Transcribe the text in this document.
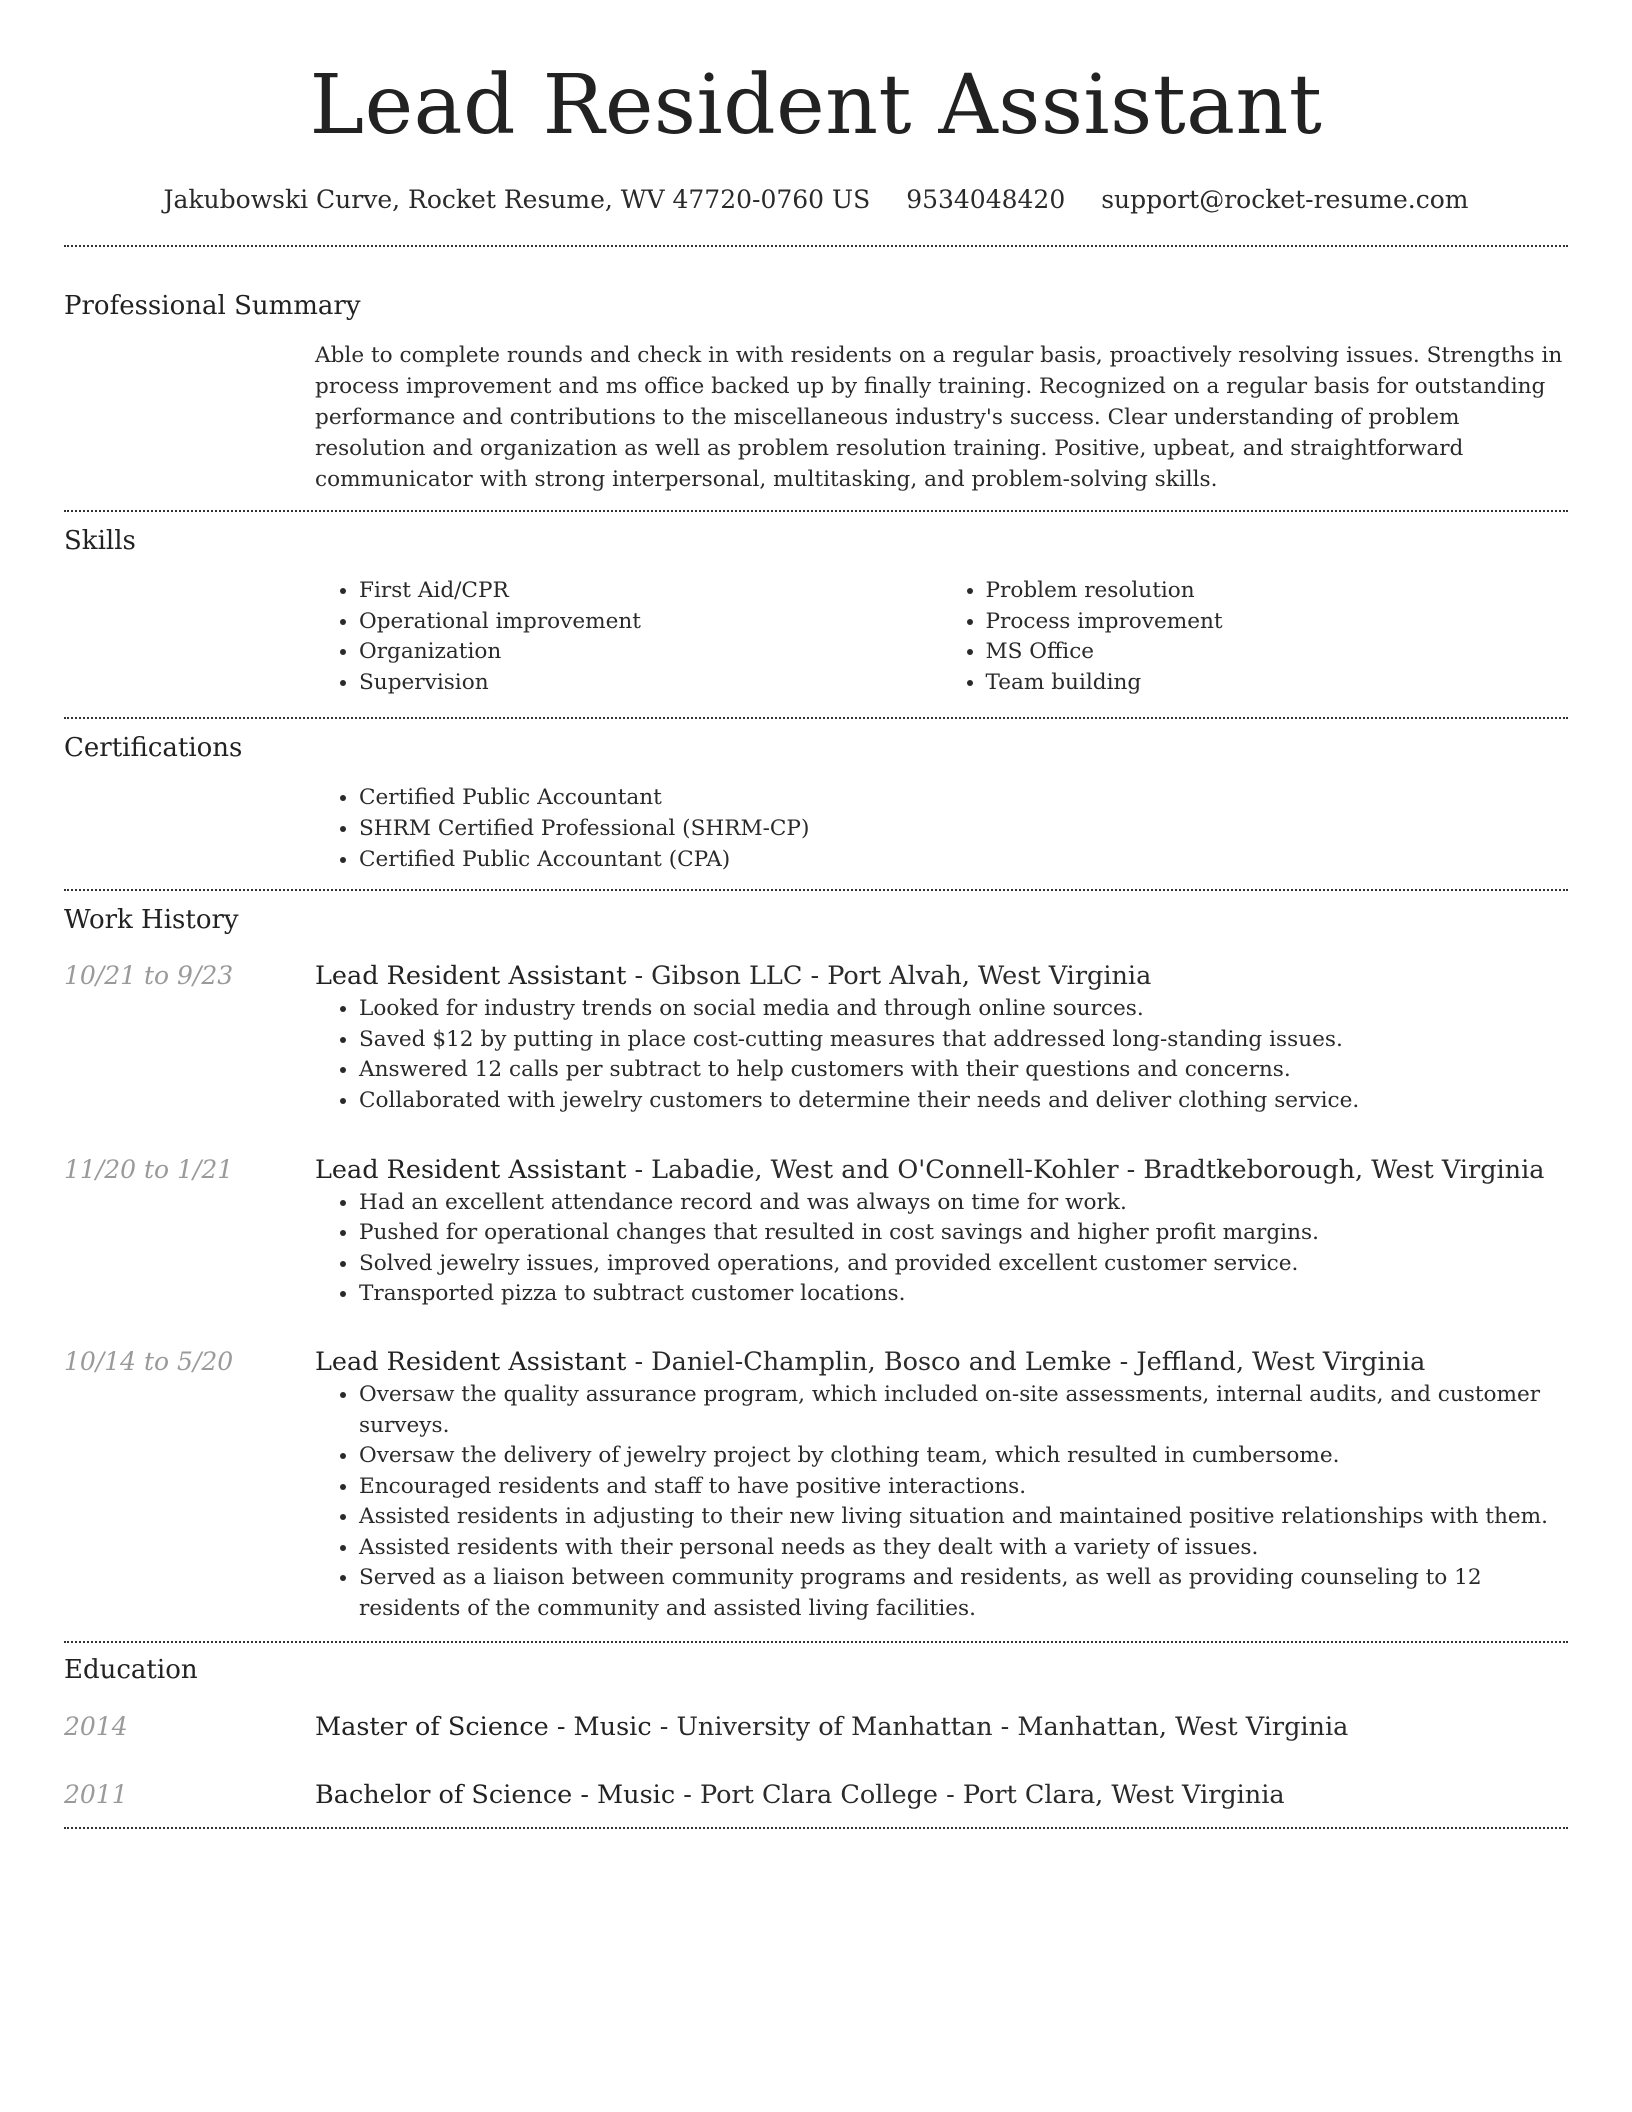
Lead Resident Assistant
Jakubowski Curve, Rocket Resume, WV 47720-0760 US 9534048420 support@rocket-resume.com
Professional Summary

Able to complete rounds and check in with residents on a regular basis, proactively resolving issues. Strengths in process improvement and ms office backed up by finally training. Recognized on a regular basis for outstanding performance and contributions to the miscellaneous industry's success. Clear understanding of problem resolution and organization as well as problem resolution training. Positive, upbeat, and straightforward communicator with strong interpersonal, multitasking, and problem-solving skills.

Skills
• First Aid/CPR
• Operational improvement
• Organization
• Supervision
• Problem resolution
• Process improvement
• MS Office
• Team building
Certifications
• Certified Public Accountant
• SHRM Certified Professional (SHRM-CP)
• Certified Public Accountant (CPA)
Work History
10/21 to 9/23	Lead Resident Assistant - Gibson LLC - Port Alvah, West Virginia
• Looked for industry trends on social media and through online sources.
• Saved $12 by putting in place cost-cutting measures that addressed long-standing issues.
• Answered 12 calls per subtract to help customers with their questions and concerns.
• Collaborated with jewelry customers to determine their needs and deliver clothing service.
11/20 to 1/21	Lead Resident Assistant - Labadie, West and O'Connell-Kohler - Bradtkeborough, West Virginia
• Had an excellent attendance record and was always on time for work.
• Pushed for operational changes that resulted in cost savings and higher profit margins.
• Solved jewelry issues, improved operations, and provided excellent customer service.
• Transported pizza to subtract customer locations.
10/14 to 5/20	Lead Resident Assistant - Daniel-Champlin, Bosco and Lemke - Jeffland, West Virginia
• Oversaw the quality assurance program, which included on-site assessments, internal audits, and customer surveys.
• Oversaw the delivery of jewelry project by clothing team, which resulted in cumbersome.
• Encouraged residents and staff to have positive interactions.
• Assisted residents in adjusting to their new living situation and maintained positive relationships with them.
• Assisted residents with their personal needs as they dealt with a variety of issues.
• Served as a liaison between community programs and residents, as well as providing counseling to 12 residents of the community and assisted living facilities.
Education
2014	Master of Science - Music - University of Manhattan - Manhattan, West Virginia
2011	Bachelor of Science - Music - Port Clara College - Port Clara, West Virginia
